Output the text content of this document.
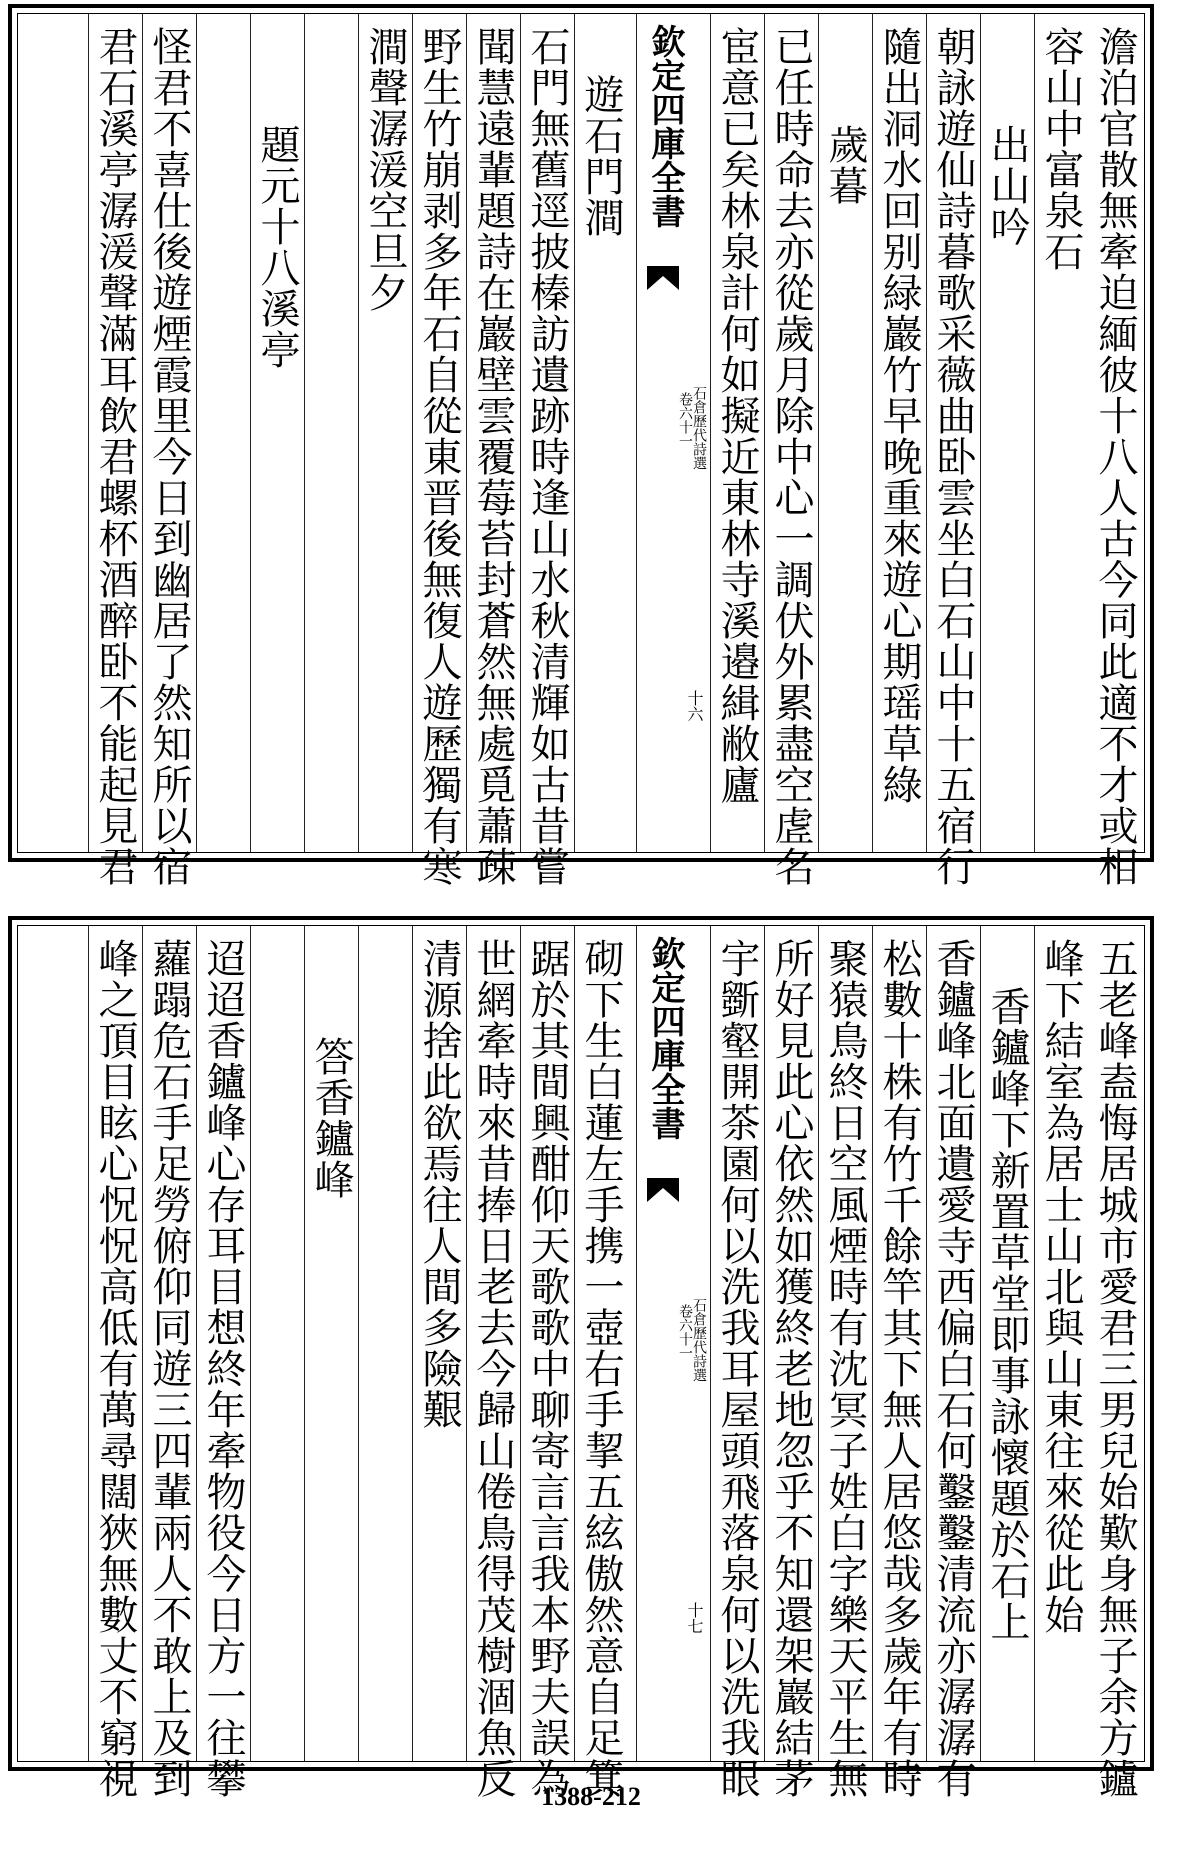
澹泊官散無牽迫緬彼十八人古今同此適不才或相
容山中富泉石
出山吟
朝詠遊仙詩暮歌采薇曲卧雲坐白石山中十五宿行
隨出洞水回别緑巖竹早晚重來遊心期瑶草綠
歲暮
已任時命去亦從歲月除中心一調伏外累盡空虗名
宦意已矣林泉計何如擬近東林寺溪邉緝敝廬
欽定四庫全書
石倉歷代詩選
卷六十一
十六
遊石門澗
石門無舊逕披榛訪遺跡時逢山水秋清輝如古昔嘗
聞慧遠輩題詩在巖壁雲覆莓苔封蒼然無處覓蕭疎
野生竹崩剥多年石自從東晋後無復人遊歷獨有寒
澗聲潺湲空旦夕
題元十八溪亭
怪君不喜仕後遊煙霞里今日到幽居了然知所以宿
君石溪亭潺湲聲滿耳飲君螺杯酒醉卧不能起見君
五老峰盍悔居城市愛君三男兒始歎身無子余方鑪
峰下結室為居士山北與山東往來從此始
香鑪峰下新置草堂即事詠懷題於石上
香鑪峰北面遺愛寺西偏白石何鑿鑿清流亦潺潺有
松數十株有竹千餘竿其下無人居悠哉多歲年有時
聚猿鳥終日空風煙時有沈冥子姓白字樂天平生無
所好見此心依然如獲終老地忽乎不知還架巖結茅
宇斵壑開茶園何以洗我耳屋頭飛落泉何以洗我眼
欽定四庫全書
石倉歷代詩選
卷六十一
十七
砌下生白蓮左手携一壺右手挈五絃傲然意自足箕
踞於其間興酣仰天歌歌中聊寄言言我本野夫誤為
世網牽時來昔捧日老去今歸山倦鳥得茂樹涸魚反
清源捨此欲焉往人間多險艱
答香鑪峰
迢迢香鑪峰心存耳目想終年牽物役今日方一往攀
蘿蹋危石手足勞俯仰同遊三四輩兩人不敢上及到
峰之頂目眩心怳怳高低有萬尋闊狹無數丈不窮視	1388-212
